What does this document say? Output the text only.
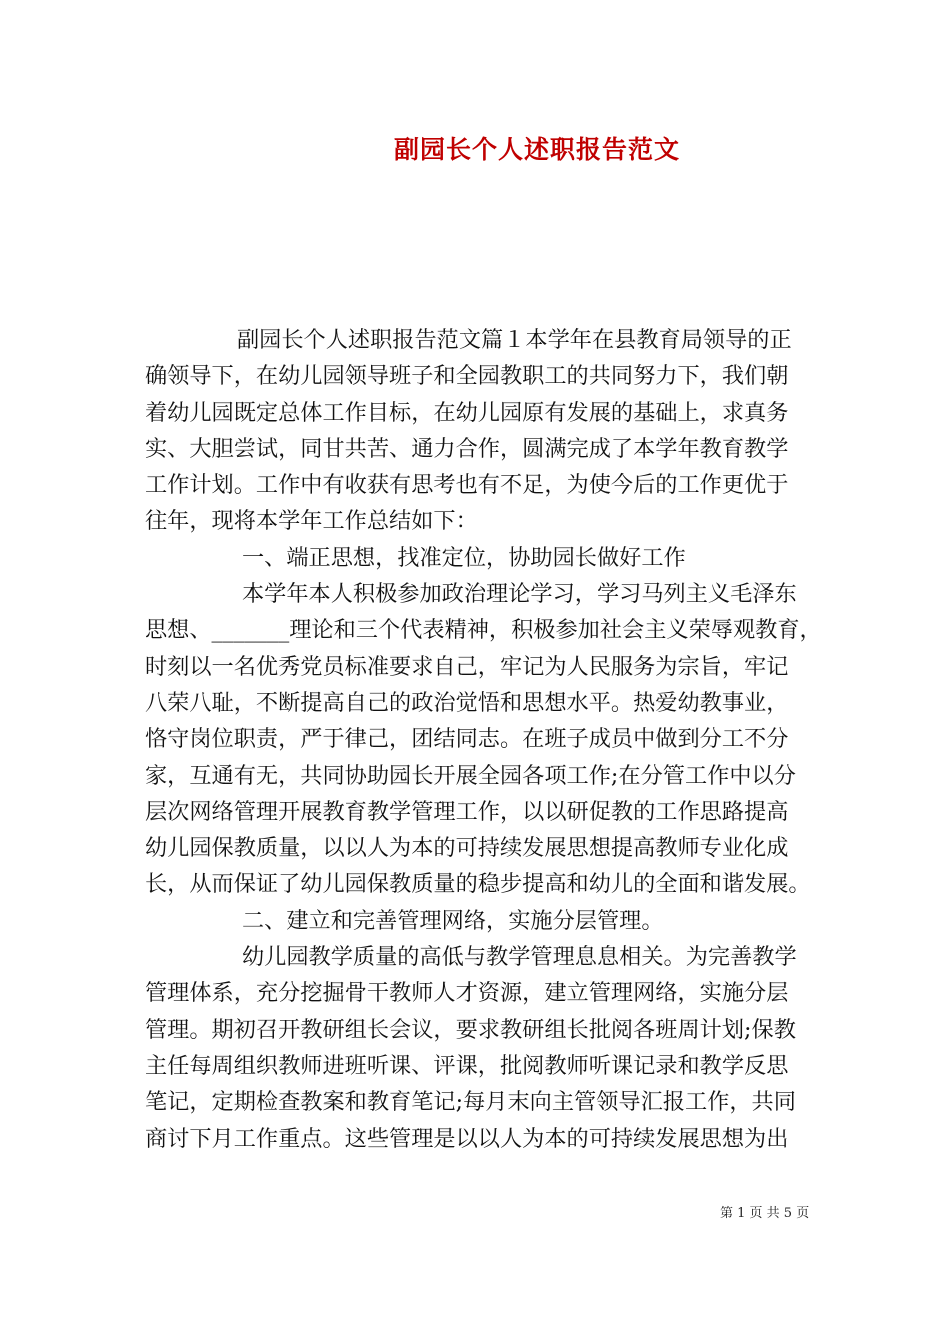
副园长个人述职报告范文
副园长个人述职报告范文篇１本学年在县教育局领导的正
确领导下，在幼儿园领导班子和全园教职工的共同努力下，我们朝
着幼儿园既定总体工作目标，在幼儿园原有发展的基础上，求真务
实、大胆尝试，同甘共苦、通力合作，圆满完成了本学年教育教学
工作计划。工作中有收获有思考也有不足，为使今后的工作更优于
往年，现将本学年工作总结如下：
一、端正思想，找准定位，协助园长做好工作
本学年本人积极参加政治理论学习，学习马列主义毛泽东
思想、_______理论和三个代表精神，积极参加社会主义荣辱观教育，
时刻以一名优秀党员标准要求自己，牢记为人民服务为宗旨，牢记
八荣八耻，不断提高自己的政治觉悟和思想水平。热爱幼教事业，
恪守岗位职责，严于律己，团结同志。在班子成员中做到分工不分
家，互通有无，共同协助园长开展全园各项工作;在分管工作中以分
层次网络管理开展教育教学管理工作，以以研促教的工作思路提高
幼儿园保教质量，以以人为本的可持续发展思想提高教师专业化成
长，从而保证了幼儿园保教质量的稳步提高和幼儿的全面和谐发展。
二、建立和完善管理网络，实施分层管理。
幼儿园教学质量的高低与教学管理息息相关。为完善教学
管理体系，充分挖掘骨干教师人才资源，建立管理网络，实施分层
管理。期初召开教研组长会议，要求教研组长批阅各班周计划;保教
主任每周组织教师进班听课、评课，批阅教师听课记录和教学反思
笔记，定期检查教案和教育笔记;每月末向主管领导汇报工作，共同
商讨下月工作重点。这些管理是以以人为本的可持续发展思想为出
第 1 页 共 5 页
